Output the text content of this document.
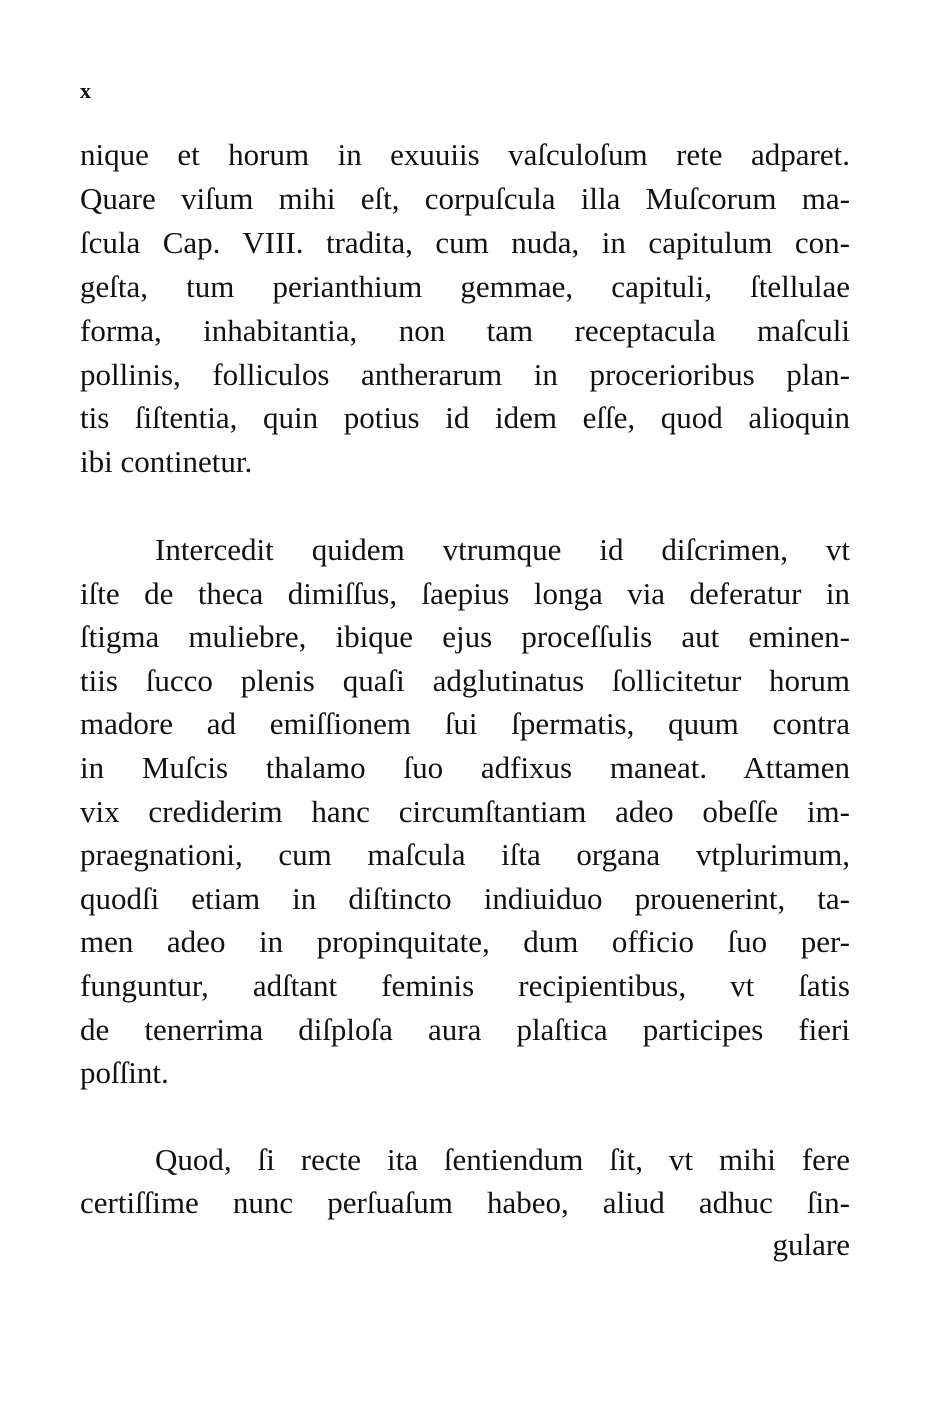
x
nique et horum in exuuiis vaſculoſum rete adparet.
Quare viſum mihi eſt, corpuſcula illa Muſcorum ma-
ſcula Cap. VIII. tradita, cum nuda, in capitulum con-
geſta, tum perianthium gemmae, capituli, ſtellulae
forma, inhabitantia, non tam receptacula maſculi
pollinis, folliculos antherarum in procerioribus plan-
tis ſiſtentia, quin potius id idem eſſe, quod alioquin
ibi continetur.
Intercedit quidem vtrumque id diſcrimen, vt
iſte de theca dimiſſus, ſaepius longa via deferatur in
ſtigma muliebre, ibique ejus proceſſulis aut eminen-
tiis ſucco plenis quaſi adglutinatus ſollicitetur horum
madore ad emiſſionem ſui ſpermatis, quum contra
in Muſcis thalamo ſuo adfixus maneat. Attamen
vix crediderim hanc circumſtantiam adeo obeſſe im-
praegnationi, cum maſcula iſta organa vtplurimum,
quodſi etiam in diſtincto indiuiduo prouenerint, ta-
men adeo in propinquitate, dum officio ſuo per-
funguntur, adſtant feminis recipientibus, vt ſatis
de tenerrima diſploſa aura plaſtica participes fieri
poſſint.
Quod, ſi recte ita ſentiendum ſit, vt mihi fere
certiſſime nunc perſuaſum habeo, aliud adhuc ſin-
gulare
